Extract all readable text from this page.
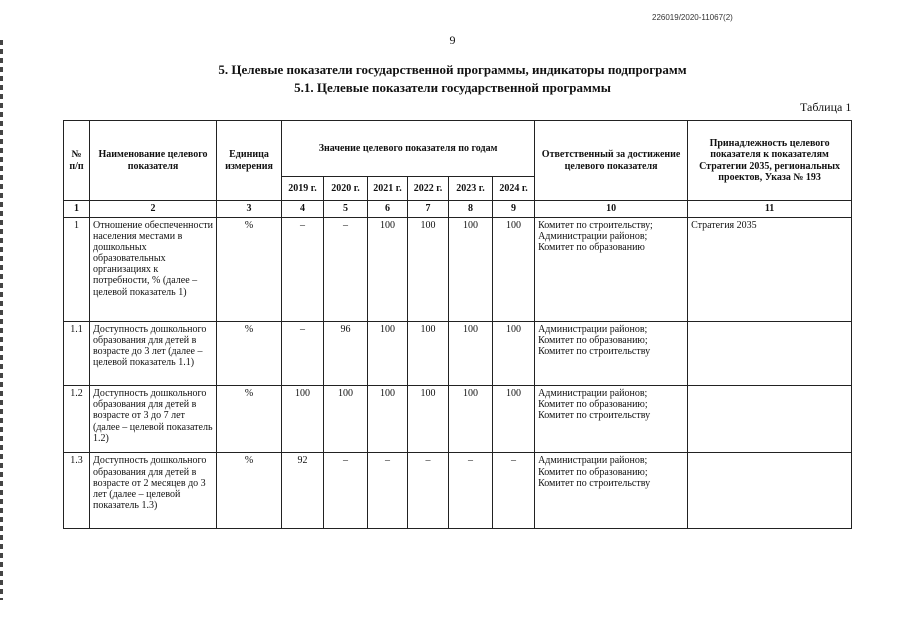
226019/2020-11067(2)
9
5. Целевые показатели государственной программы, индикаторы подпрограмм
5.1. Целевые показатели государственной программы
Таблица 1
№ п/п	Наименование целевого показателя	Единица измерения	Значение целевого показателя по годам						Ответственный за достижение целевого показателя	Принадлежность целевого показателя к показателям Стратегии 2035, региональных проектов, Указа № 193
			2019 г.	2020 г.	2021 г.	2022 г.	2023 г.	2024 г.		
1	2	3	4	5	6	7	8	9	10	11
1	Отношение обеспеченности населения местами в дошкольных образовательных организациях к потребности, % (далее – целевой показатель 1)	%	–	–	100	100	100	100	Комитет по строительству; Администрации районов; Комитет по образованию	Стратегия 2035
1.1	Доступность дошкольного образования для детей в возрасте до 3 лет (далее – целевой показатель 1.1)	%	–	96	100	100	100	100	Администрации районов; Комитет по образованию; Комитет по строительству	
1.2	Доступность дошкольного образования для детей в возрасте от 3 до 7 лет (далее – целевой показатель 1.2)	%	100	100	100	100	100	100	Администрации районов; Комитет по образованию; Комитет по строительству	
1.3	Доступность дошкольного образования для детей в возрасте от 2 месяцев до 3 лет (далее – целевой показатель 1.3)	%	92	–	–	–	–	–	Администрации районов; Комитет по образованию; Комитет по строительству	
